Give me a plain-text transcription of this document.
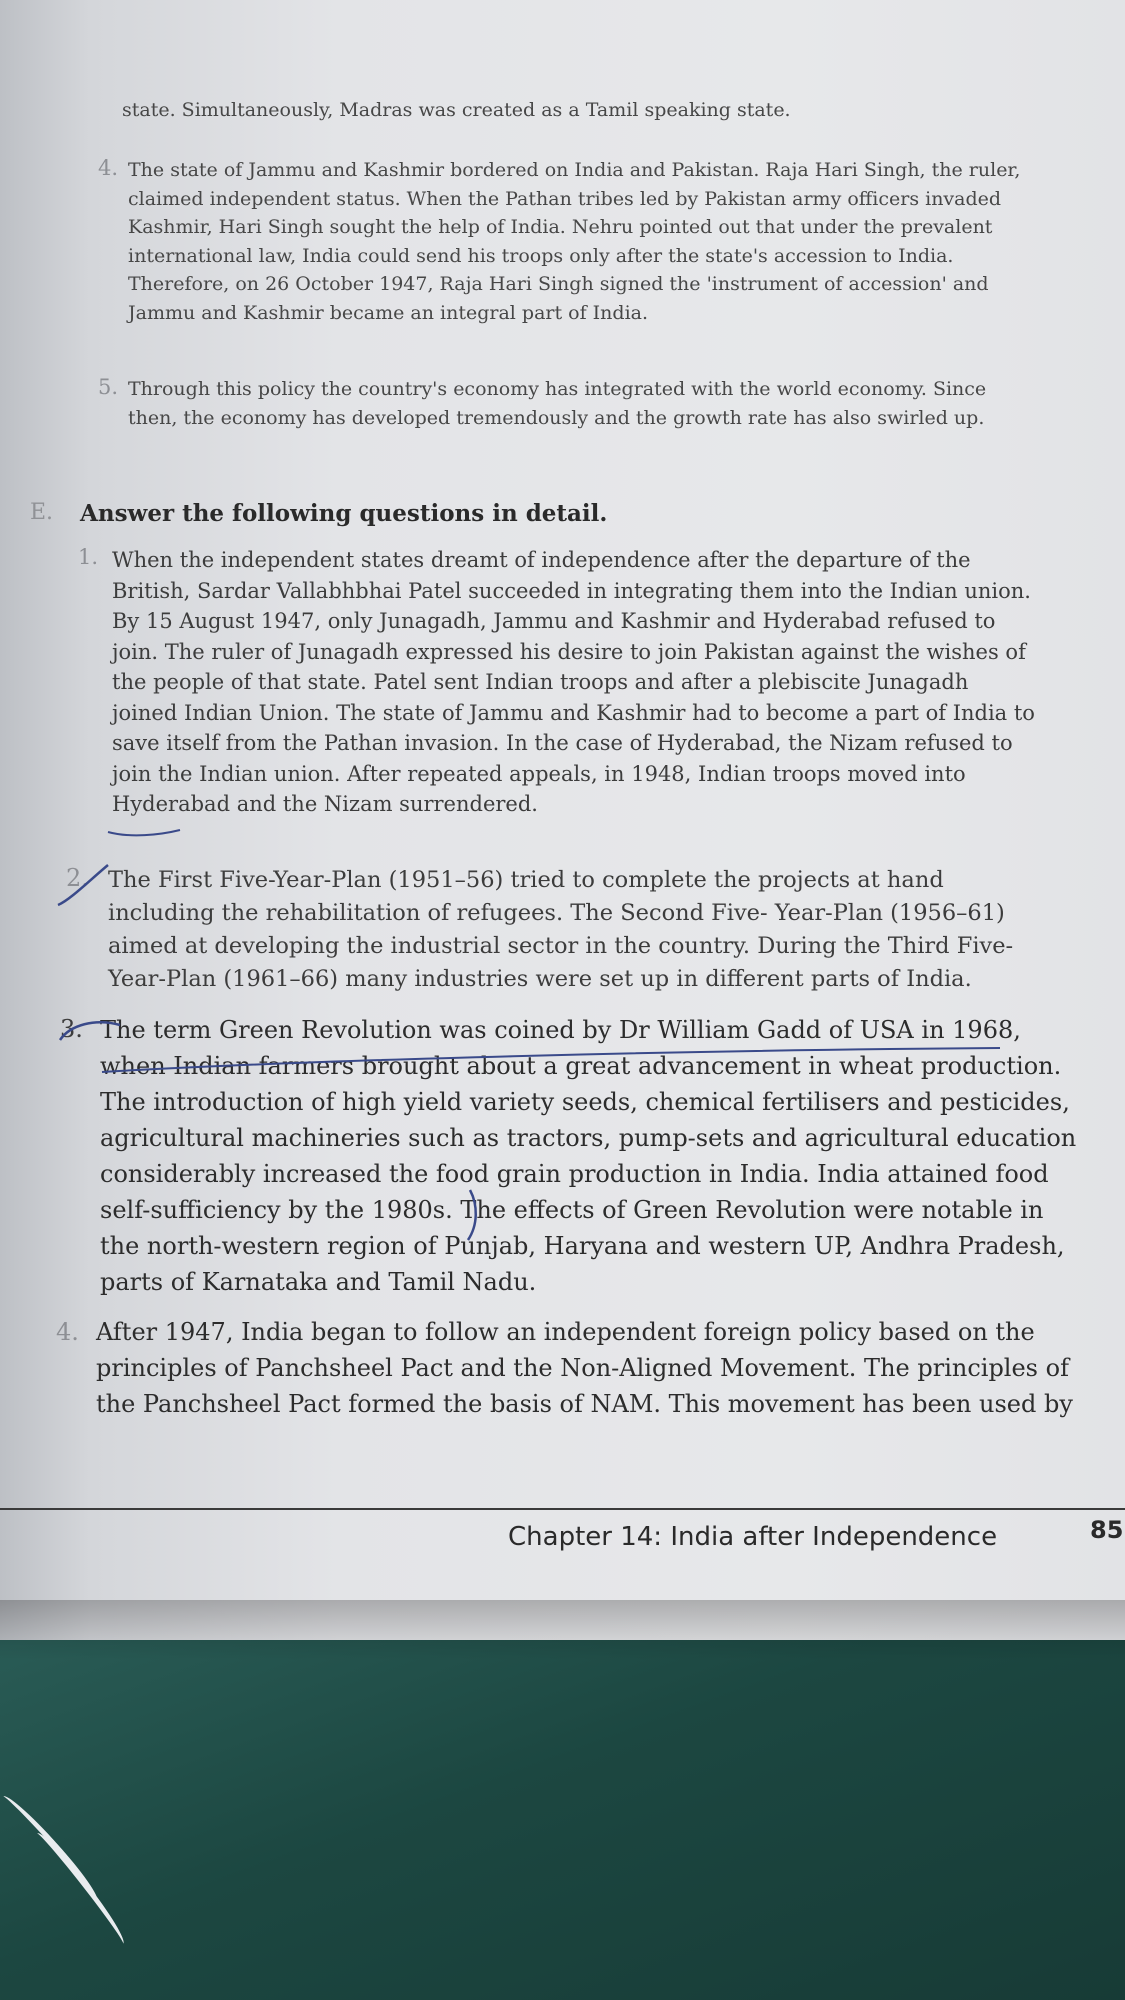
state. Simultaneously, Madras was created as a Tamil speaking state.

4. The state of Jammu and Kashmir bordered on India and Pakistan. Raja Hari Singh, the ruler, claimed independent status. When the Pathan tribes led by Pakistan army officers invaded Kashmir, Hari Singh sought the help of India. Nehru pointed out that under the prevalent international law, India could send his troops only after the state's accession to India. Therefore, on 26 October 1947, Raja Hari Singh signed the 'instrument of accession' and Jammu and Kashmir became an integral part of India.

5. Through this policy the country's economy has integrated with the world economy. Since then, the economy has developed tremendously and the growth rate has also swirled up.

E. Answer the following questions in detail.
1. When the independent states dreamt of independence after the departure of the British, Sardar Vallabhbhai Patel succeeded in integrating them into the Indian union. By 15 August 1947, only Junagadh, Jammu and Kashmir and Hyderabad refused to join. The ruler of Junagadh expressed his desire to join Pakistan against the wishes of the people of that state. Patel sent Indian troops and after a plebiscite Junagadh joined Indian Union. The state of Jammu and Kashmir had to become a part of India to save itself from the Pathan invasion. In the case of Hyderabad, the Nizam refused to join the Indian union. After repeated appeals, in 1948, Indian troops moved into Hyderabad and the Nizam surrendered.

2. The First Five-Year-Plan (1951–56) tried to complete the projects at hand including the rehabilitation of refugees. The Second Five- Year-Plan (1956–61) aimed at developing the industrial sector in the country. During the Third Five-Year-Plan (1961–66) many industries were set up in different parts of India.

3. The term Green Revolution was coined by Dr William Gadd of USA in 1968, when Indian farmers brought about a great advancement in wheat production. The introduction of high yield variety seeds, chemical fertilisers and pesticides, agricultural machineries such as tractors, pump-sets and agricultural education considerably increased the food grain production in India. India attained food self-sufficiency by the 1980s. The effects of Green Revolution were notable in the north-western region of Punjab, Haryana and western UP, Andhra Pradesh, parts of Karnataka and Tamil Nadu.

4. After 1947, India began to follow an independent foreign policy based on the principles of Panchsheel Pact and the Non-Aligned Movement. The principles of the Panchsheel Pact formed the basis of NAM. This movement has been used by

Chapter 14: India after Independence	85
